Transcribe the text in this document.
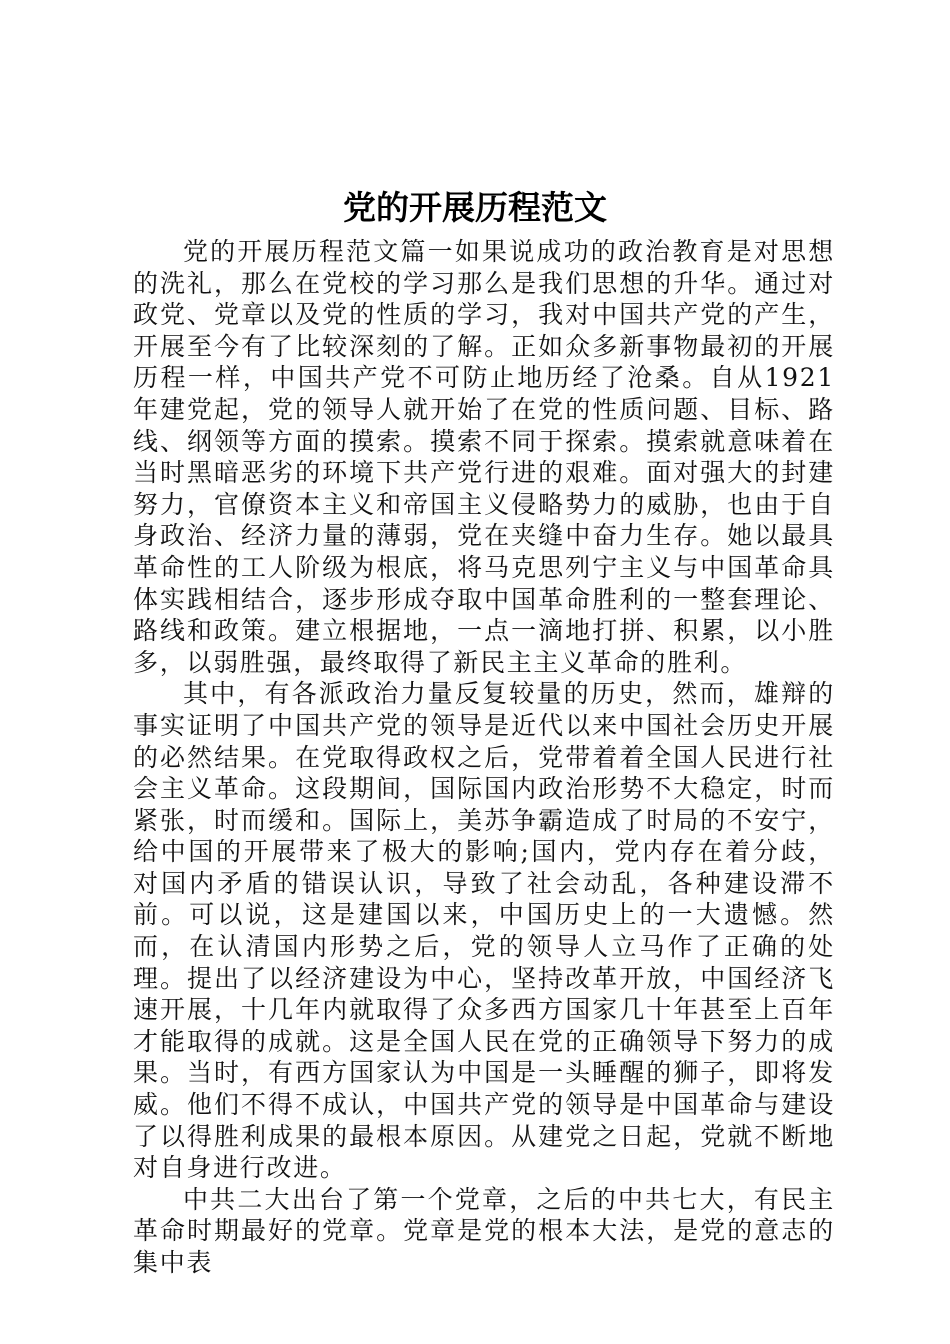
党的开展历程范文

党的开展历程范文篇一如果说成功的政治教育是对思想的洗礼，那么在党校的学习那么是我们思想的升华。通过对政党、党章以及党的性质的学习，我对中国共产党的产生，开展至今有了比较深刻的了解。正如众多新事物最初的开展历程一样，中国共产党不可防止地历经了沧桑。自从1921年建党起，党的领导人就开始了在党的性质问题、目标、路线、纲领等方面的摸索。摸索不同于探索。摸索就意味着在当时黑暗恶劣的环境下共产党行进的艰难。面对强大的封建努力，官僚资本主义和帝国主义侵略势力的威胁，也由于自身政治、经济力量的薄弱，党在夹缝中奋力生存。她以最具革命性的工人阶级为根底，将马克思列宁主义与中国革命具体实践相结合，逐步形成夺取中国革命胜利的一整套理论、路线和政策。建立根据地，一点一滴地打拼、积累，以小胜多，以弱胜强，最终取得了新民主主义革命的胜利。

其中，有各派政治力量反复较量的历史，然而，雄辩的事实证明了中国共产党的领导是近代以来中国社会历史开展的必然结果。在党取得政权之后，党带着着全国人民进行社会主义革命。这段期间，国际国内政治形势不大稳定，时而紧张，时而缓和。国际上，美苏争霸造成了时局的不安宁，给中国的开展带来了极大的影响;国内，党内存在着分歧，对国内矛盾的错误认识，导致了社会动乱，各种建设滞不前。可以说，这是建国以来，中国历史上的一大遗憾。然而，在认清国内形势之后，党的领导人立马作了正确的处理。提出了以经济建设为中心，坚持改革开放，中国经济飞速开展，十几年内就取得了众多西方国家几十年甚至上百年才能取得的成就。这是全国人民在党的正确领导下努力的成果。当时，有西方国家认为中国是一头睡醒的狮子，即将发威。他们不得不成认，中国共产党的领导是中国革命与建设了以得胜利成果的最根本原因。从建党之日起，党就不断地对自身进行改进。

中共二大出台了第一个党章，之后的中共七大，有民主革命时期最好的党章。党章是党的根本大法，是党的意志的集中表
